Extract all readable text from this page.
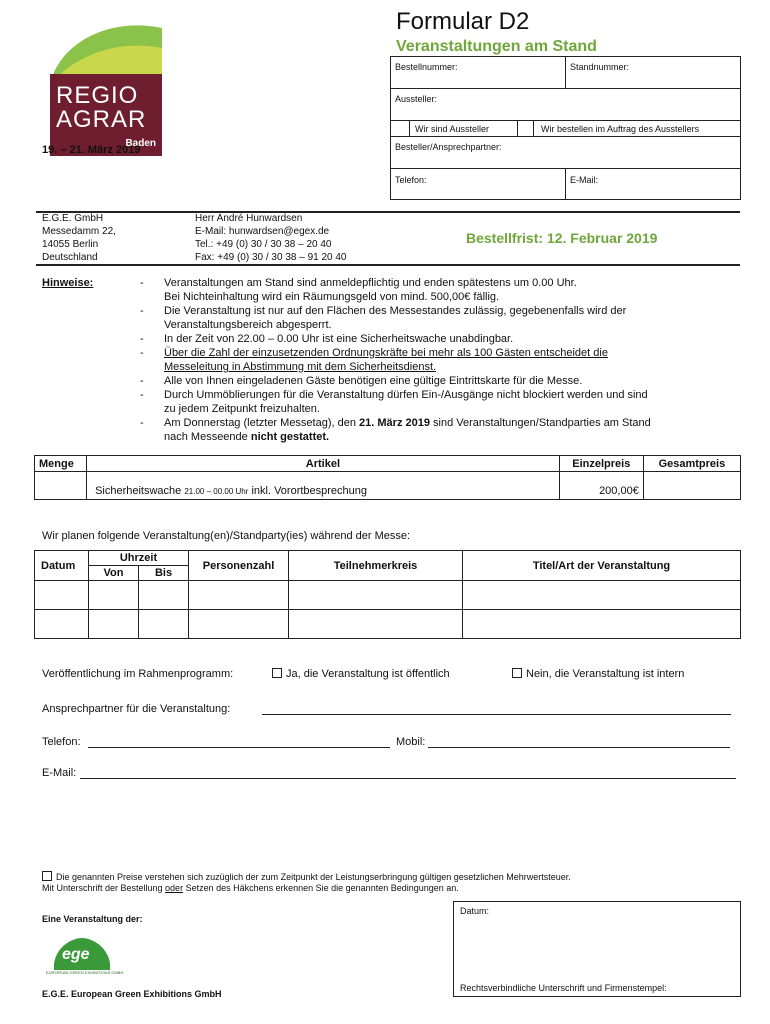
REGIO
AGRAR
Baden
19. – 21. März 2019
Formular D2
Veranstaltungen am Stand
Bestellnummer:	Standnummer:
Aussteller:
Wir sind Aussteller	Wir bestellen im Auftrag des Ausstellers
Besteller/Ansprechpartner:
Telefon:	E-Mail:
E.G.E. GmbH
Messedamm 22,
14055 Berlin
Deutschland
Herr André Hunwardsen
E-Mail: hunwardsen@egex.de
Tel.: +49 (0) 30 / 30 38 – 20 40
Fax: +49 (0) 30 / 30 38 – 91 20 40
Bestellfrist: 12. Februar 2019
Hinweise:	- Veranstaltungen am Stand sind anmeldepflichtig und enden spätestens um 0.00 Uhr.
Bei Nichteinhaltung wird ein Räumungsgeld von mind. 500,00€ fällig.
- Die Veranstaltung ist nur auf den Flächen des Messestandes zulässig, gegebenenfalls wird der
Veranstaltungsbereich abgesperrt.
- In der Zeit von 22.00 – 0.00 Uhr ist eine Sicherheitswache unabdingbar.
- Über die Zahl der einzusetzenden Ordnungskräfte bei mehr als 100 Gästen entscheidet die
Messeleitung in Abstimmung mit dem Sicherheitsdienst.
- Alle von Ihnen eingeladenen Gäste benötigen eine gültige Eintrittskarte für die Messe.
- Durch Ummöblierungen für die Veranstaltung dürfen Ein-/Ausgänge nicht blockiert werden und sind
zu jedem Zeitpunkt freizuhalten.
- Am Donnerstag (letzter Messetag), den 21. März 2019 sind Veranstaltungen/Standparties am Stand
nach Messeende nicht gestattet.
Menge	Artikel	Einzelpreis	Gesamtpreis
	Sicherheitswache 21.00 – 00.00 Uhr inkl. Vorortbesprechung	200,00€	
Wir planen folgende Veranstaltung(en)/Standparty(ies) während der Messe:
Datum	Uhrzeit		Personenzahl	Teilnehmerkreis	Titel/Art der Veranstaltung
	Von	Bis			

Veröffentlichung im Rahmenprogramm:	Ja, die Veranstaltung ist öffentlich	Nein, die Veranstaltung ist intern
Ansprechpartner für die Veranstaltung:
Telefon:	Mobil:
E-Mail:
Die genannten Preise verstehen sich zuzüglich der zum Zeitpunkt der Leistungserbringung gültigen gesetzlichen Mehrwertsteuer.
Mit Unterschrift der Bestellung oder Setzen des Häkchens erkennen Sie die genannten Bedingungen an.
Eine Veranstaltung der:
ege
EUROPEAN GREEN EXHIBITIONS GMBH
E.G.E. European Green Exhibitions GmbH
Datum:
Rechtsverbindliche Unterschrift und Firmenstempel:
